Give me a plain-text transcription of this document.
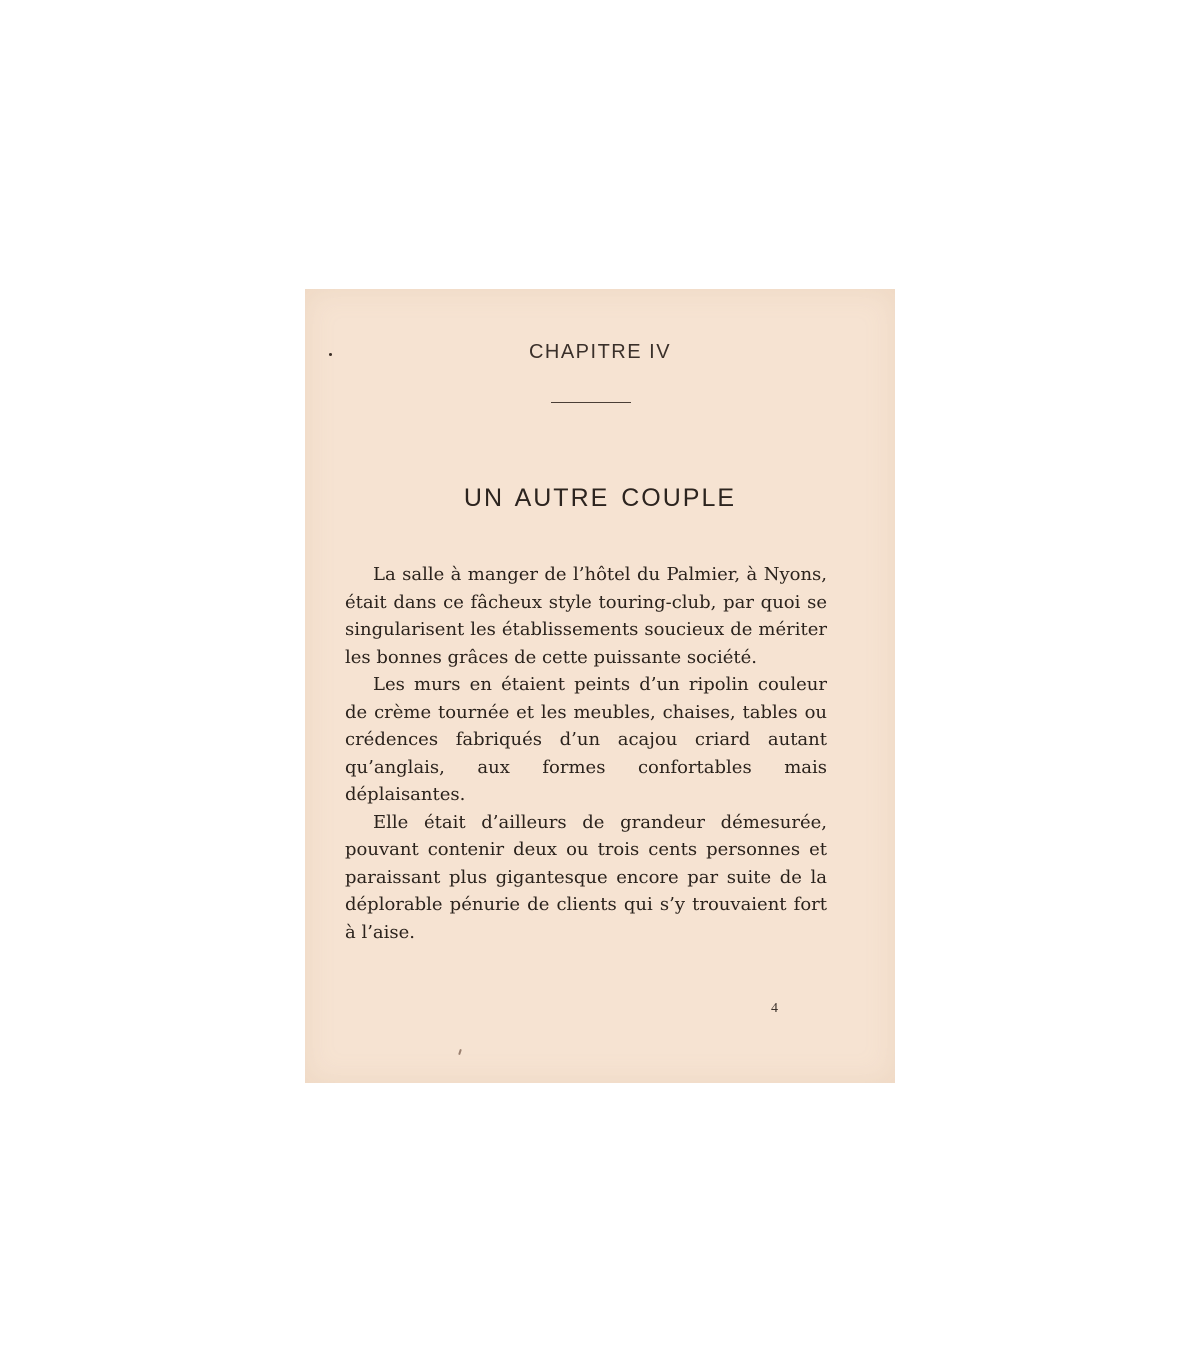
CHAPITRE IV
UN AUTRE COUPLE

La salle à manger de l’hôtel du Palmier, à Nyons, était dans ce fâcheux style touring-club, par quoi se singularisent les établissements soucieux de mériter les bonnes grâces de cette puissante société.

Les murs en étaient peints d’un ripolin couleur de crème tournée et les meubles, chaises, tables ou crédences fabriqués d’un acajou criard autant qu’anglais, aux formes confortables mais déplaisantes.

Elle était d’ailleurs de grandeur démesurée, pouvant contenir deux ou trois cents personnes et paraissant plus gigantesque encore par suite de la déplorable pénurie de clients qui s’y trouvaient fort à l’aise.

4
